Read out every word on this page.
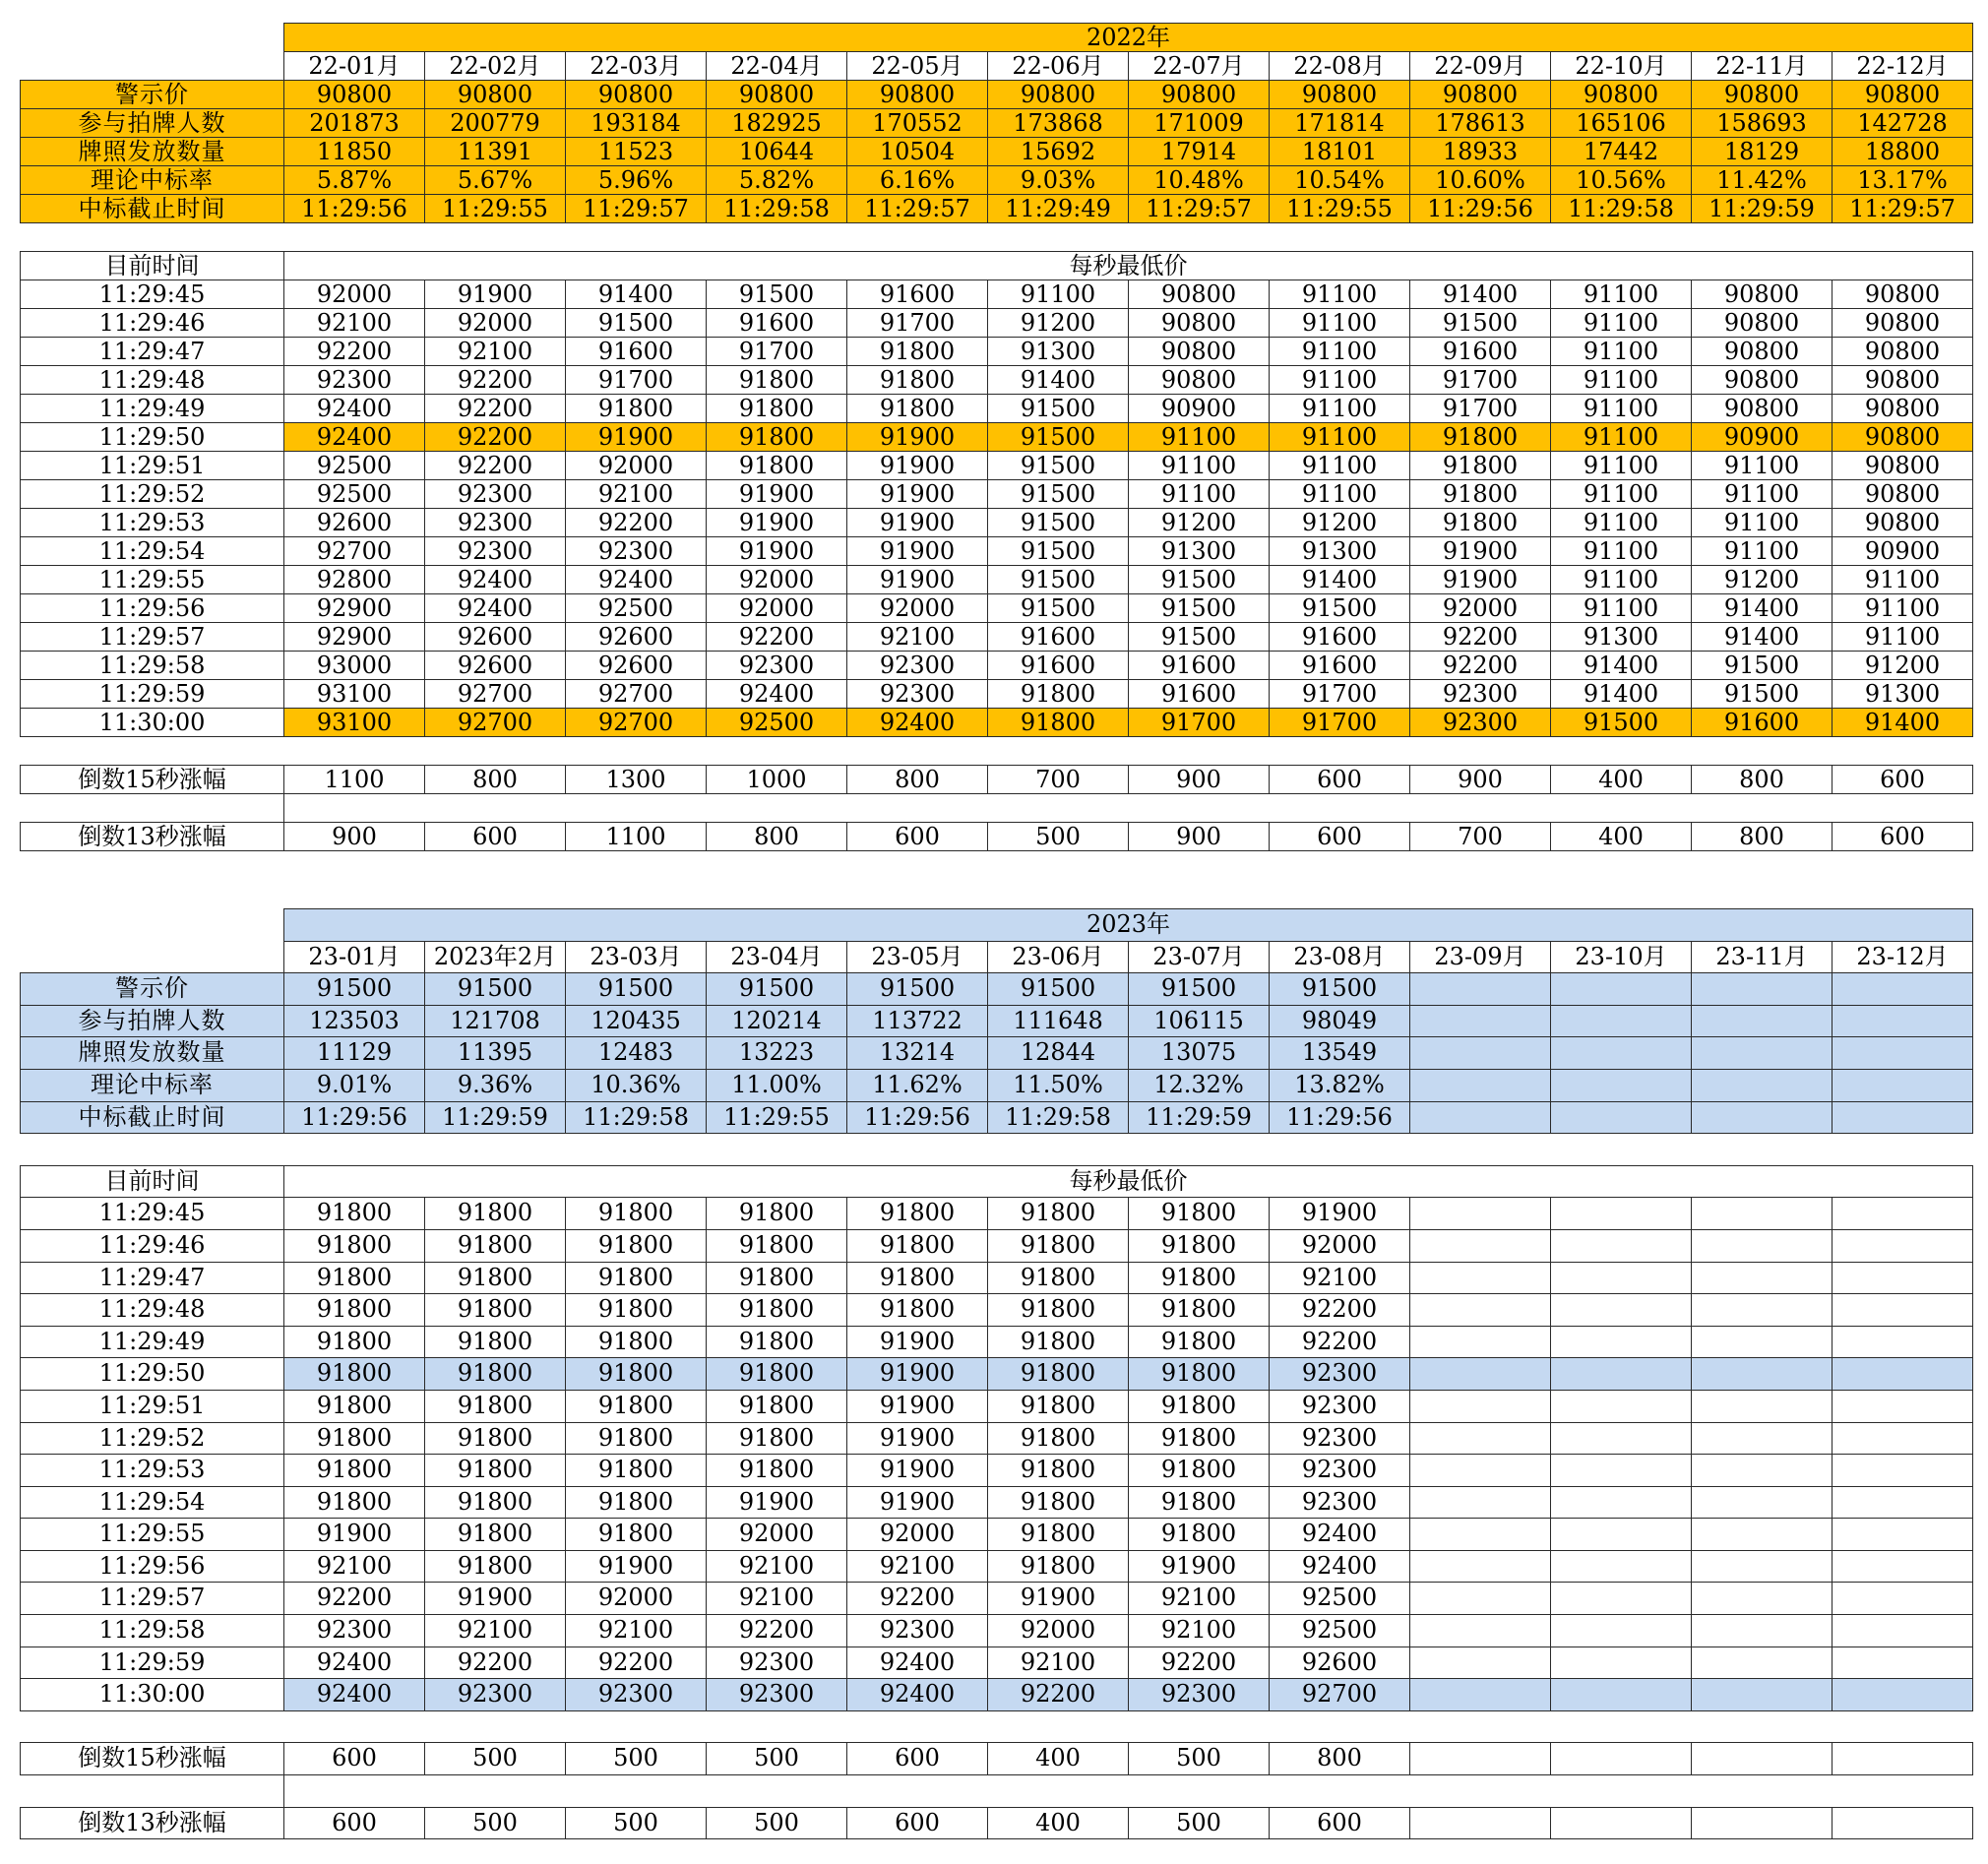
	2022年											
	22-01月	22-02月	22-03月	22-04月	22-05月	22-06月	22-07月	22-08月	22-09月	22-10月	22-11月	22-12月
警示价	90800	90800	90800	90800	90800	90800	90800	90800	90800	90800	90800	90800
参与拍牌人数	201873	200779	193184	182925	170552	173868	171009	171814	178613	165106	158693	142728
牌照发放数量	11850	11391	11523	10644	10504	15692	17914	18101	18933	17442	18129	18800
理论中标率	5.87%	5.67%	5.96%	5.82%	6.16%	9.03%	10.48%	10.54%	10.60%	10.56%	11.42%	13.17%
中标截止时间	11:29:56	11:29:55	11:29:57	11:29:58	11:29:57	11:29:49	11:29:57	11:29:55	11:29:56	11:29:58	11:29:59	11:29:57

目前时间	每秒最低价											
11:29:45	92000	91900	91400	91500	91600	91100	90800	91100	91400	91100	90800	90800
11:29:46	92100	92000	91500	91600	91700	91200	90800	91100	91500	91100	90800	90800
11:29:47	92200	92100	91600	91700	91800	91300	90800	91100	91600	91100	90800	90800
11:29:48	92300	92200	91700	91800	91800	91400	90800	91100	91700	91100	90800	90800
11:29:49	92400	92200	91800	91800	91800	91500	90900	91100	91700	91100	90800	90800
11:29:50	92400	92200	91900	91800	91900	91500	91100	91100	91800	91100	90900	90800
11:29:51	92500	92200	92000	91800	91900	91500	91100	91100	91800	91100	91100	90800
11:29:52	92500	92300	92100	91900	91900	91500	91100	91100	91800	91100	91100	90800
11:29:53	92600	92300	92200	91900	91900	91500	91200	91200	91800	91100	91100	90800
11:29:54	92700	92300	92300	91900	91900	91500	91300	91300	91900	91100	91100	90900
11:29:55	92800	92400	92400	92000	91900	91500	91500	91400	91900	91100	91200	91100
11:29:56	92900	92400	92500	92000	92000	91500	91500	91500	92000	91100	91400	91100
11:29:57	92900	92600	92600	92200	92100	91600	91500	91600	92200	91300	91400	91100
11:29:58	93000	92600	92600	92300	92300	91600	91600	91600	92200	91400	91500	91200
11:29:59	93100	92700	92700	92400	92300	91800	91600	91700	92300	91400	91500	91300
11:30:00	93100	92700	92700	92500	92400	91800	91700	91700	92300	91500	91600	91400

倒数15秒涨幅	1100	800	1300	1000	800	700	900	600	900	400	800	600

倒数13秒涨幅	900	600	1100	800	600	500	900	600	700	400	800	600
	2023年											
	23-01月	2023年2月	23-03月	23-04月	23-05月	23-06月	23-07月	23-08月	23-09月	23-10月	23-11月	23-12月
警示价	91500	91500	91500	91500	91500	91500	91500	91500				
参与拍牌人数	123503	121708	120435	120214	113722	111648	106115	98049				
牌照发放数量	11129	11395	12483	13223	13214	12844	13075	13549				
理论中标率	9.01%	9.36%	10.36%	11.00%	11.62%	11.50%	12.32%	13.82%				
中标截止时间	11:29:56	11:29:59	11:29:58	11:29:55	11:29:56	11:29:58	11:29:59	11:29:56				

目前时间	每秒最低价											
11:29:45	91800	91800	91800	91800	91800	91800	91800	91900				
11:29:46	91800	91800	91800	91800	91800	91800	91800	92000				
11:29:47	91800	91800	91800	91800	91800	91800	91800	92100				
11:29:48	91800	91800	91800	91800	91800	91800	91800	92200				
11:29:49	91800	91800	91800	91800	91900	91800	91800	92200				
11:29:50	91800	91800	91800	91800	91900	91800	91800	92300				
11:29:51	91800	91800	91800	91800	91900	91800	91800	92300				
11:29:52	91800	91800	91800	91800	91900	91800	91800	92300				
11:29:53	91800	91800	91800	91800	91900	91800	91800	92300				
11:29:54	91800	91800	91800	91900	91900	91800	91800	92300				
11:29:55	91900	91800	91800	92000	92000	91800	91800	92400				
11:29:56	92100	91800	91900	92100	92100	91800	91900	92400				
11:29:57	92200	91900	92000	92100	92200	91900	92100	92500				
11:29:58	92300	92100	92100	92200	92300	92000	92100	92500				
11:29:59	92400	92200	92200	92300	92400	92100	92200	92600				
11:30:00	92400	92300	92300	92300	92400	92200	92300	92700				

倒数15秒涨幅	600	500	500	500	600	400	500	800				

倒数13秒涨幅	600	500	500	500	600	400	500	600				
